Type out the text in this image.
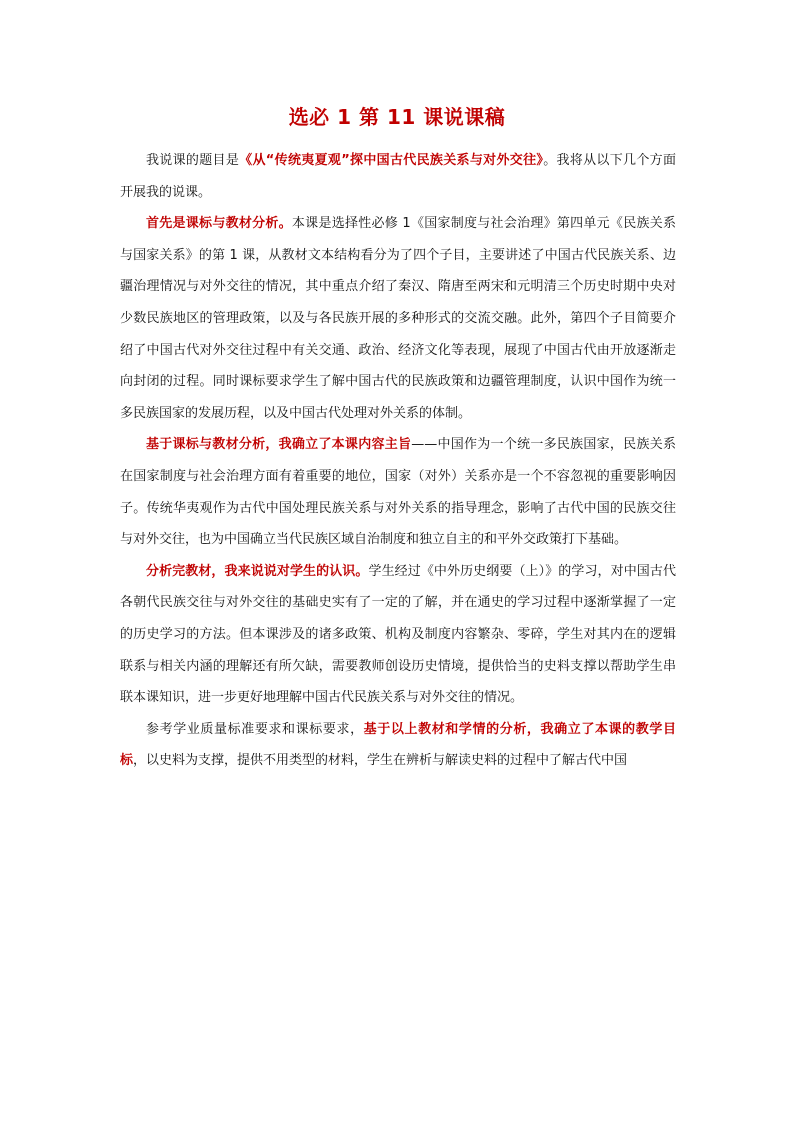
选必 1 第 11 课说课稿

我说课的题目是《从“传统夷夏观”探中国古代民族关系与对外交往》。我将从以下几个方面开展我的说课。

首先是课标与教材分析。本课是选择性必修 1《国家制度与社会治理》第四单元《民族关系与国家关系》的第 1 课，从教材文本结构看分为了四个子目，主要讲述了中国古代民族关系、边疆治理情况与对外交往的情况，其中重点介绍了秦汉、隋唐至两宋和元明清三个历史时期中央对少数民族地区的管理政策，以及与各民族开展的多种形式的交流交融。此外，第四个子目简要介绍了中国古代对外交往过程中有关交通、政治、经济文化等表现，展现了中国古代由开放逐渐走向封闭的过程。同时课标要求学生了解中国古代的民族政策和边疆管理制度，认识中国作为统一多民族国家的发展历程，以及中国古代处理对外关系的体制。

基于课标与教材分析，我确立了本课内容主旨——中国作为一个统一多民族国家，民族关系在国家制度与社会治理方面有着重要的地位，国家（对外）关系亦是一个不容忽视的重要影响因子。传统华夷观作为古代中国处理民族关系与对外关系的指导理念，影响了古代中国的民族交往与对外交往，也为中国确立当代民族区域自治制度和独立自主的和平外交政策打下基础。

分析完教材，我来说说对学生的认识。学生经过《中外历史纲要（上）》的学习，对中国古代各朝代民族交往与对外交往的基础史实有了一定的了解，并在通史的学习过程中逐渐掌握了一定的历史学习的方法。但本课涉及的诸多政策、机构及制度内容繁杂、零碎，学生对其内在的逻辑联系与相关内涵的理解还有所欠缺，需要教师创设历史情境，提供恰当的史料支撑以帮助学生串联本课知识，进一步更好地理解中国古代民族关系与对外交往的情况。

参考学业质量标准要求和课标要求，基于以上教材和学情的分析，我确立了本课的教学目标，以史料为支撑，提供不用类型的材料，学生在辨析与解读史料的过程中了解古代中国
